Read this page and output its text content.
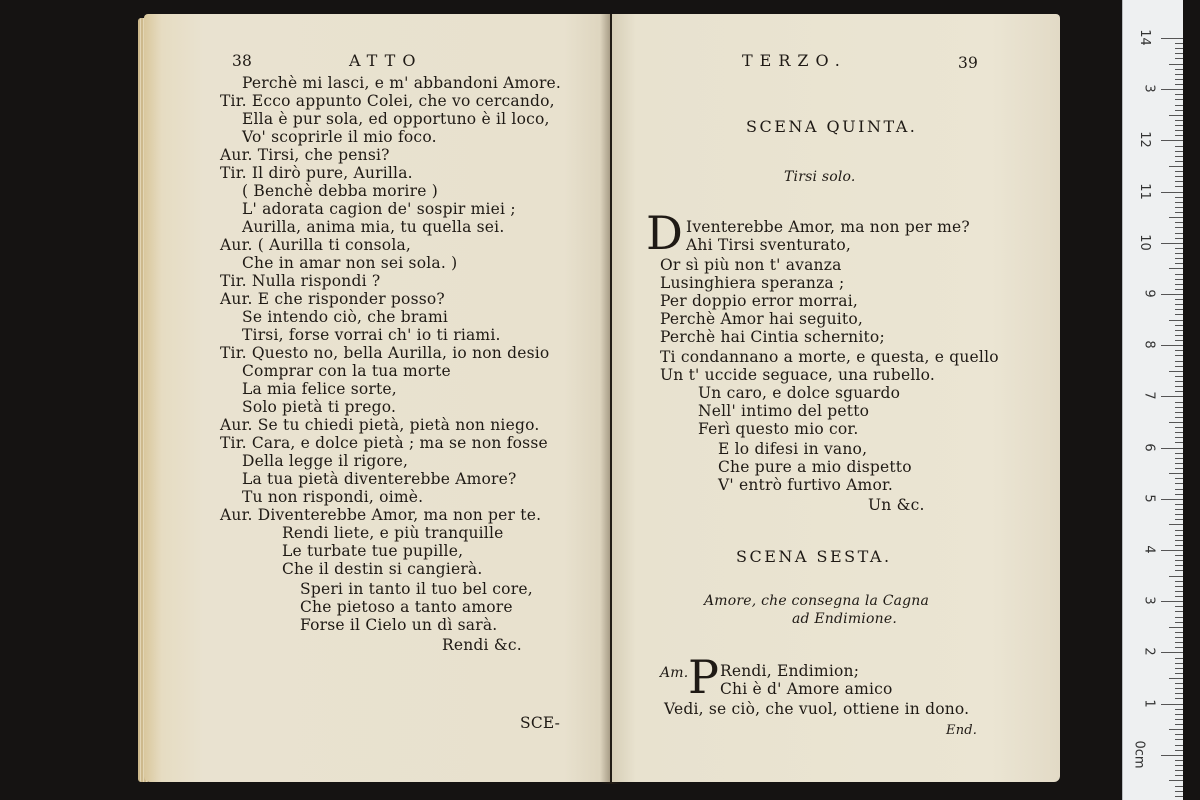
38	ATTO
Perchè mi lasci, e m' abbandoni Amore.
Tir. Ecco appunto Colei, che vo cercando,
Ella è pur sola, ed opportuno è il loco,
Vo' scoprirle il mio foco.
Aur. Tirsi, che pensi?
Tir. Il dirò pure, Aurilla.
( Benchè debba morire )
L' adorata cagion de' sospir miei ;
Aurilla, anima mia, tu quella sei.
Aur. ( Aurilla ti consola,
Che in amar non sei sola. )
Tir. Nulla rispondi ?
Aur. E che risponder posso?
Se intendo ciò, che brami
Tirsi, forse vorrai ch' io ti riami.
Tir. Questo no, bella Aurilla, io non desio
Comprar con la tua morte
La mia felice sorte,
Solo pietà ti prego.
Aur. Se tu chiedi pietà, pietà non niego.
Tir. Cara, e dolce pietà ; ma se non fosse
Della legge il rigore,
La tua pietà diventerebbe Amore?
Tu non rispondi, oimè.
Aur. Diventerebbe Amor, ma non per te.
Rendi liete, e più tranquille
Le turbate tue pupille,
Che il destin si cangierà.
Speri in tanto il tuo bel core,
Che pietoso a tanto amore
Forse il Cielo un dì sarà.
Rendi &c.
SCE-
TERZO.	39
SCENA QUINTA.
Tirsi solo.
D Iventerebbe Amor, ma non per me?
Ahi Tirsi sventurato,
Or sì più non t' avanza
Lusinghiera speranza ;
Per doppio error morrai,
Perchè Amor hai seguito,
Perchè hai Cintia schernito;
Ti condannano a morte, e questa, e quello
Un t' uccide seguace, una rubello.
Un caro, e dolce sguardo
Nell' intimo del petto
Ferì questo mio cor.
E lo difesi in vano,
Che pure a mio dispetto
V' entrò furtivo Amor.
Un &c.
SCENA SESTA.
Amore, che consegna la Cagna
ad Endimione.
Am. P Rendi, Endimion;
Chi è d' Amore amico
Vedi, se ciò, che vuol, ottiene in dono.
End.
14
3
12
11
10
9
8
7
6
5
4
3
2
1
0cm
